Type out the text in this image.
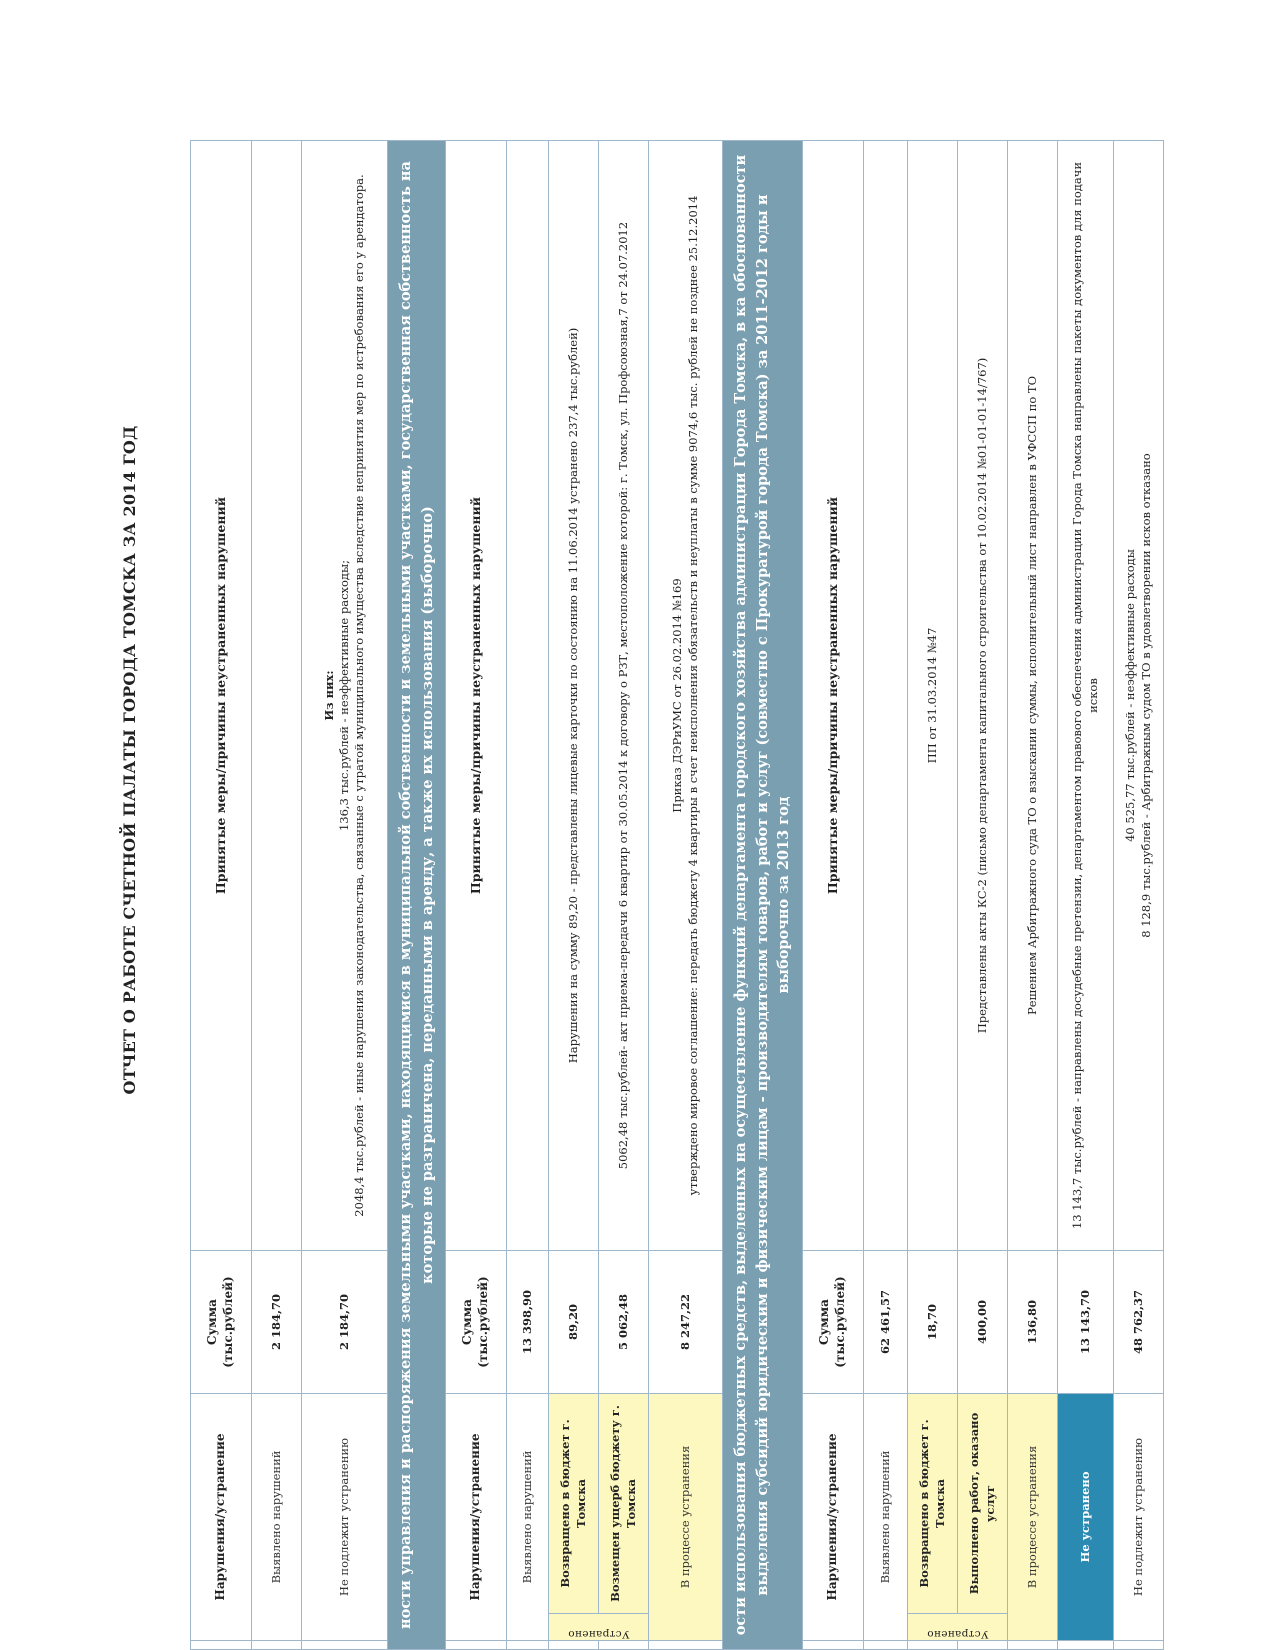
ОТЧЕТ О РАБОТЕ СЧЕТНОЙ ПАЛАТЫ ГОРОДА ТОМСКА ЗА 2014 ГОД
	Нарушения/устранение		Сумма (тыс.рублей)	Принятые меры/причины неустраненных нарушений
	Выявлено нарушений		2 184,70	
	Не подлежит устранению		2 184,70	Из них:
136,3 тыс.рублей - неэффективные расходы;
2048,4 тыс.рублей - иные нарушения законодательства, связанные с утратой муниципального имущества вследствие непринятия мер по истребования его у арендатора.

ности управления и распоряжения земельными участками, находящимися в муниципальной собственности и земельными участками, государственная собственность на которые не разграничена, переданными в аренду, а также их использования (выборочно)				
	Нарушения/устранение		Сумма (тыс.рублей)	Принятые меры/причины неустраненных нарушений
	Выявлено нарушений		13 398,90	

	Устранено	Возвращено в бюджет г. Томска	89,20	Нарушения на сумму 89,20 - представлены лицевые карточки по состоянию на 11.06.2014 устранено 237,4 тыс.рублей)
		Возмещен ущерб бюджету г. Томска	5 062,48	5062,48 тыс.рублей- акт приема-передачи 6 квартир от 30.05.2014 к договору о РЗТ, местоположение которой: г. Томск, ул. Профсоюзная,7 от 24.07.2012
	В процессе устранения		8 247,22	Приказ ДЭРиУМС от 26.02.2014 №169 утверждено мировое соглашение: передать бюджету 4 квартиры в счет неисполнения обязательств и неуплаты в сумме 9074,6 тыс. рублей не позднее 25.12.2014

ости использования бюджетных средств, выделенных на осуществление функций департамента городского хозяйства администрации Города Томска, в ка обоснованности выделения субсидий юридическим и физическим лицам - производителям товаров, работ и услуг (совместно с Прокуратурой города Томска) за 2011-2012 годы и выборочно за 2013 год				
	Нарушения/устранение		Сумма (тыс.рублей)	Принятые меры/причины неустраненных нарушений
	Выявлено нарушений		62 461,57	

	Устранено	Возвращено в бюджет г. Томска	18,70	ПП от 31.03.2014 №47
		Выполнено работ, оказано услуг	400,00	Представлены акты КС-2 (письмо департамента капитального строительства от 10.02.2014 №01-01-01-14/767)
	В процессе устранения		136,80	Решением Арбитражного суда ТО о взыскании суммы, исполнительный лист направлен в УФССП по ТО
	Не устранено		13 143,70	13 143,7 тыс.рублей - направлены досудебные претензии, департаментом правового обеспечения администрации Города Томска направлены пакеты документов для подачи исков
	Не подлежит устранению		48 762,37	40 525,77 тыс.рублей - неэффективные расходы 8 128,9 тыс.рублей - Арбитражным судом ТО в удовлетворении исков отказано
